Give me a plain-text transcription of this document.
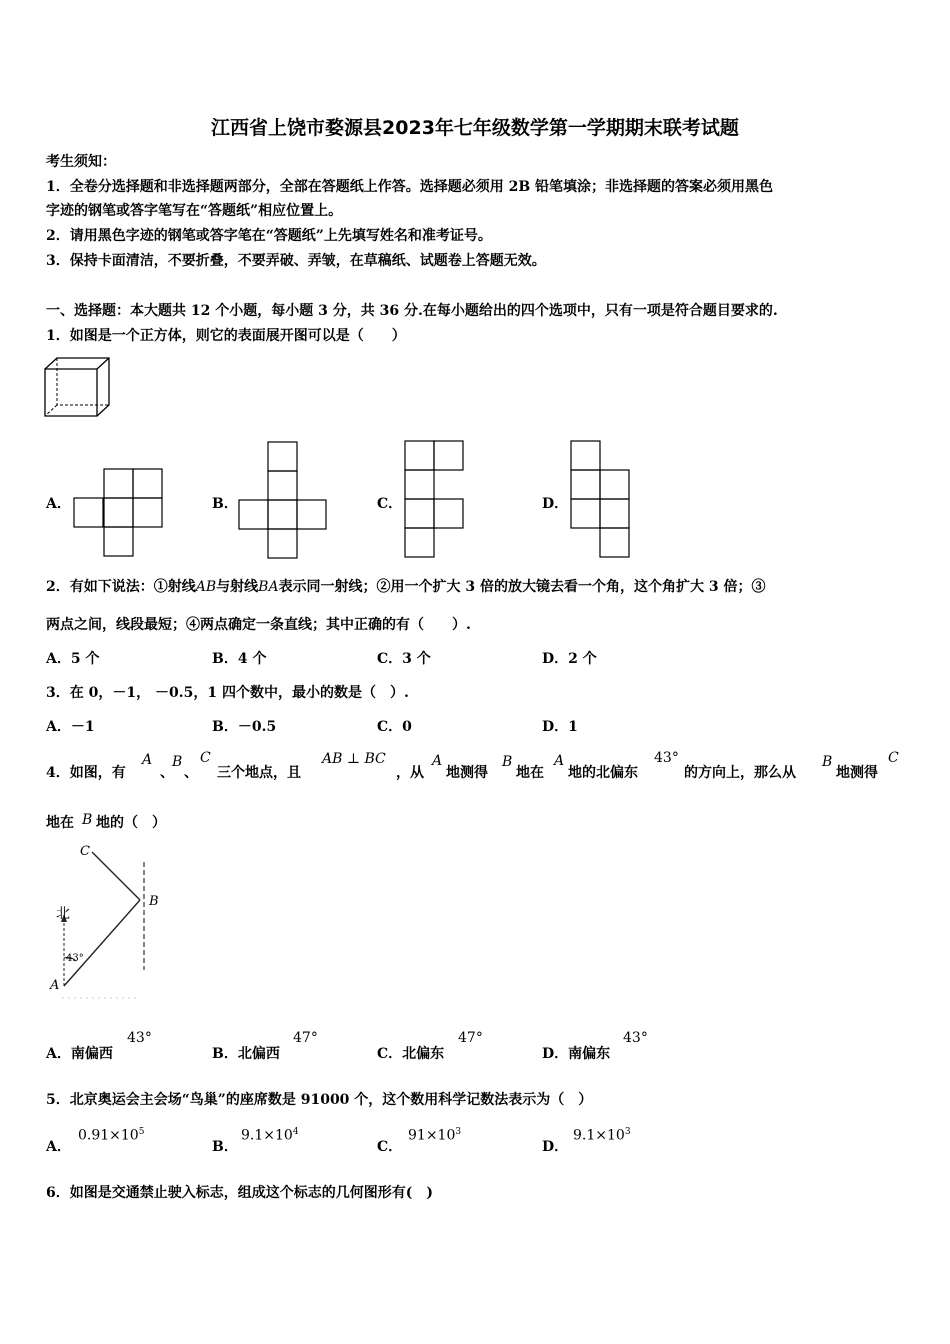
江西省上饶市婺源县2023年七年级数学第一学期期末联考试题
考生须知：
1．全卷分选择题和非选择题两部分，全部在答题纸上作答。选择题必须用 2B 铅笔填涂；非选择题的答案必须用黑色
字迹的钢笔或答字笔写在“答题纸”相应位置上。
2．请用黑色字迹的钢笔或答字笔在“答题纸”上先填写姓名和准考证号。
3．保持卡面清洁，不要折叠，不要弄破、弄皱，在草稿纸、试题卷上答题无效。
一、选择题：本大题共 12 个小题，每小题 3 分，共 36 分.在每小题给出的四个选项中，只有一项是符合题目要求的.
1．如图是一个正方体，则它的表面展开图可以是（　　）
A．	B．	C．	D．
2．有如下说法：①射线AB与射线BA表示同一射线；②用一个扩大 3 倍的放大镜去看一个角，这个角扩大 3 倍；③
两点之间，线段最短；④两点确定一条直线；其中正确的有（　　）.
A．5 个	B．4 个	C．3 个	D．2 个
3．在 0，－1， －0.5，1 四个数中，最小的数是（　）.
A．－1	B．－0.5	C．0	D．1
4．如图，有
A
、
B
、
C
三个地点，且
AB ⊥ BC
，从
A
地测得
B
地在
A
地的北偏东
43°
的方向上，那么从
B
地测得
C
地在 B 地的（　）
C
B
A
北
43°
A．南偏西
43°
B．北偏西
47°
C．北偏东
47°
D．南偏东
43°
5．北京奥运会主会场“鸟巢”的座席数是 91000 个，这个数用科学记数法表示为（　）
A．
$0.91\times 10^5$
B．
$9.1\times 10^4$
C．
$91\times 10^3$
D．
$9.1\times 10^3$
6．如图是交通禁止驶入标志，组成这个标志的几何图形有(　)
